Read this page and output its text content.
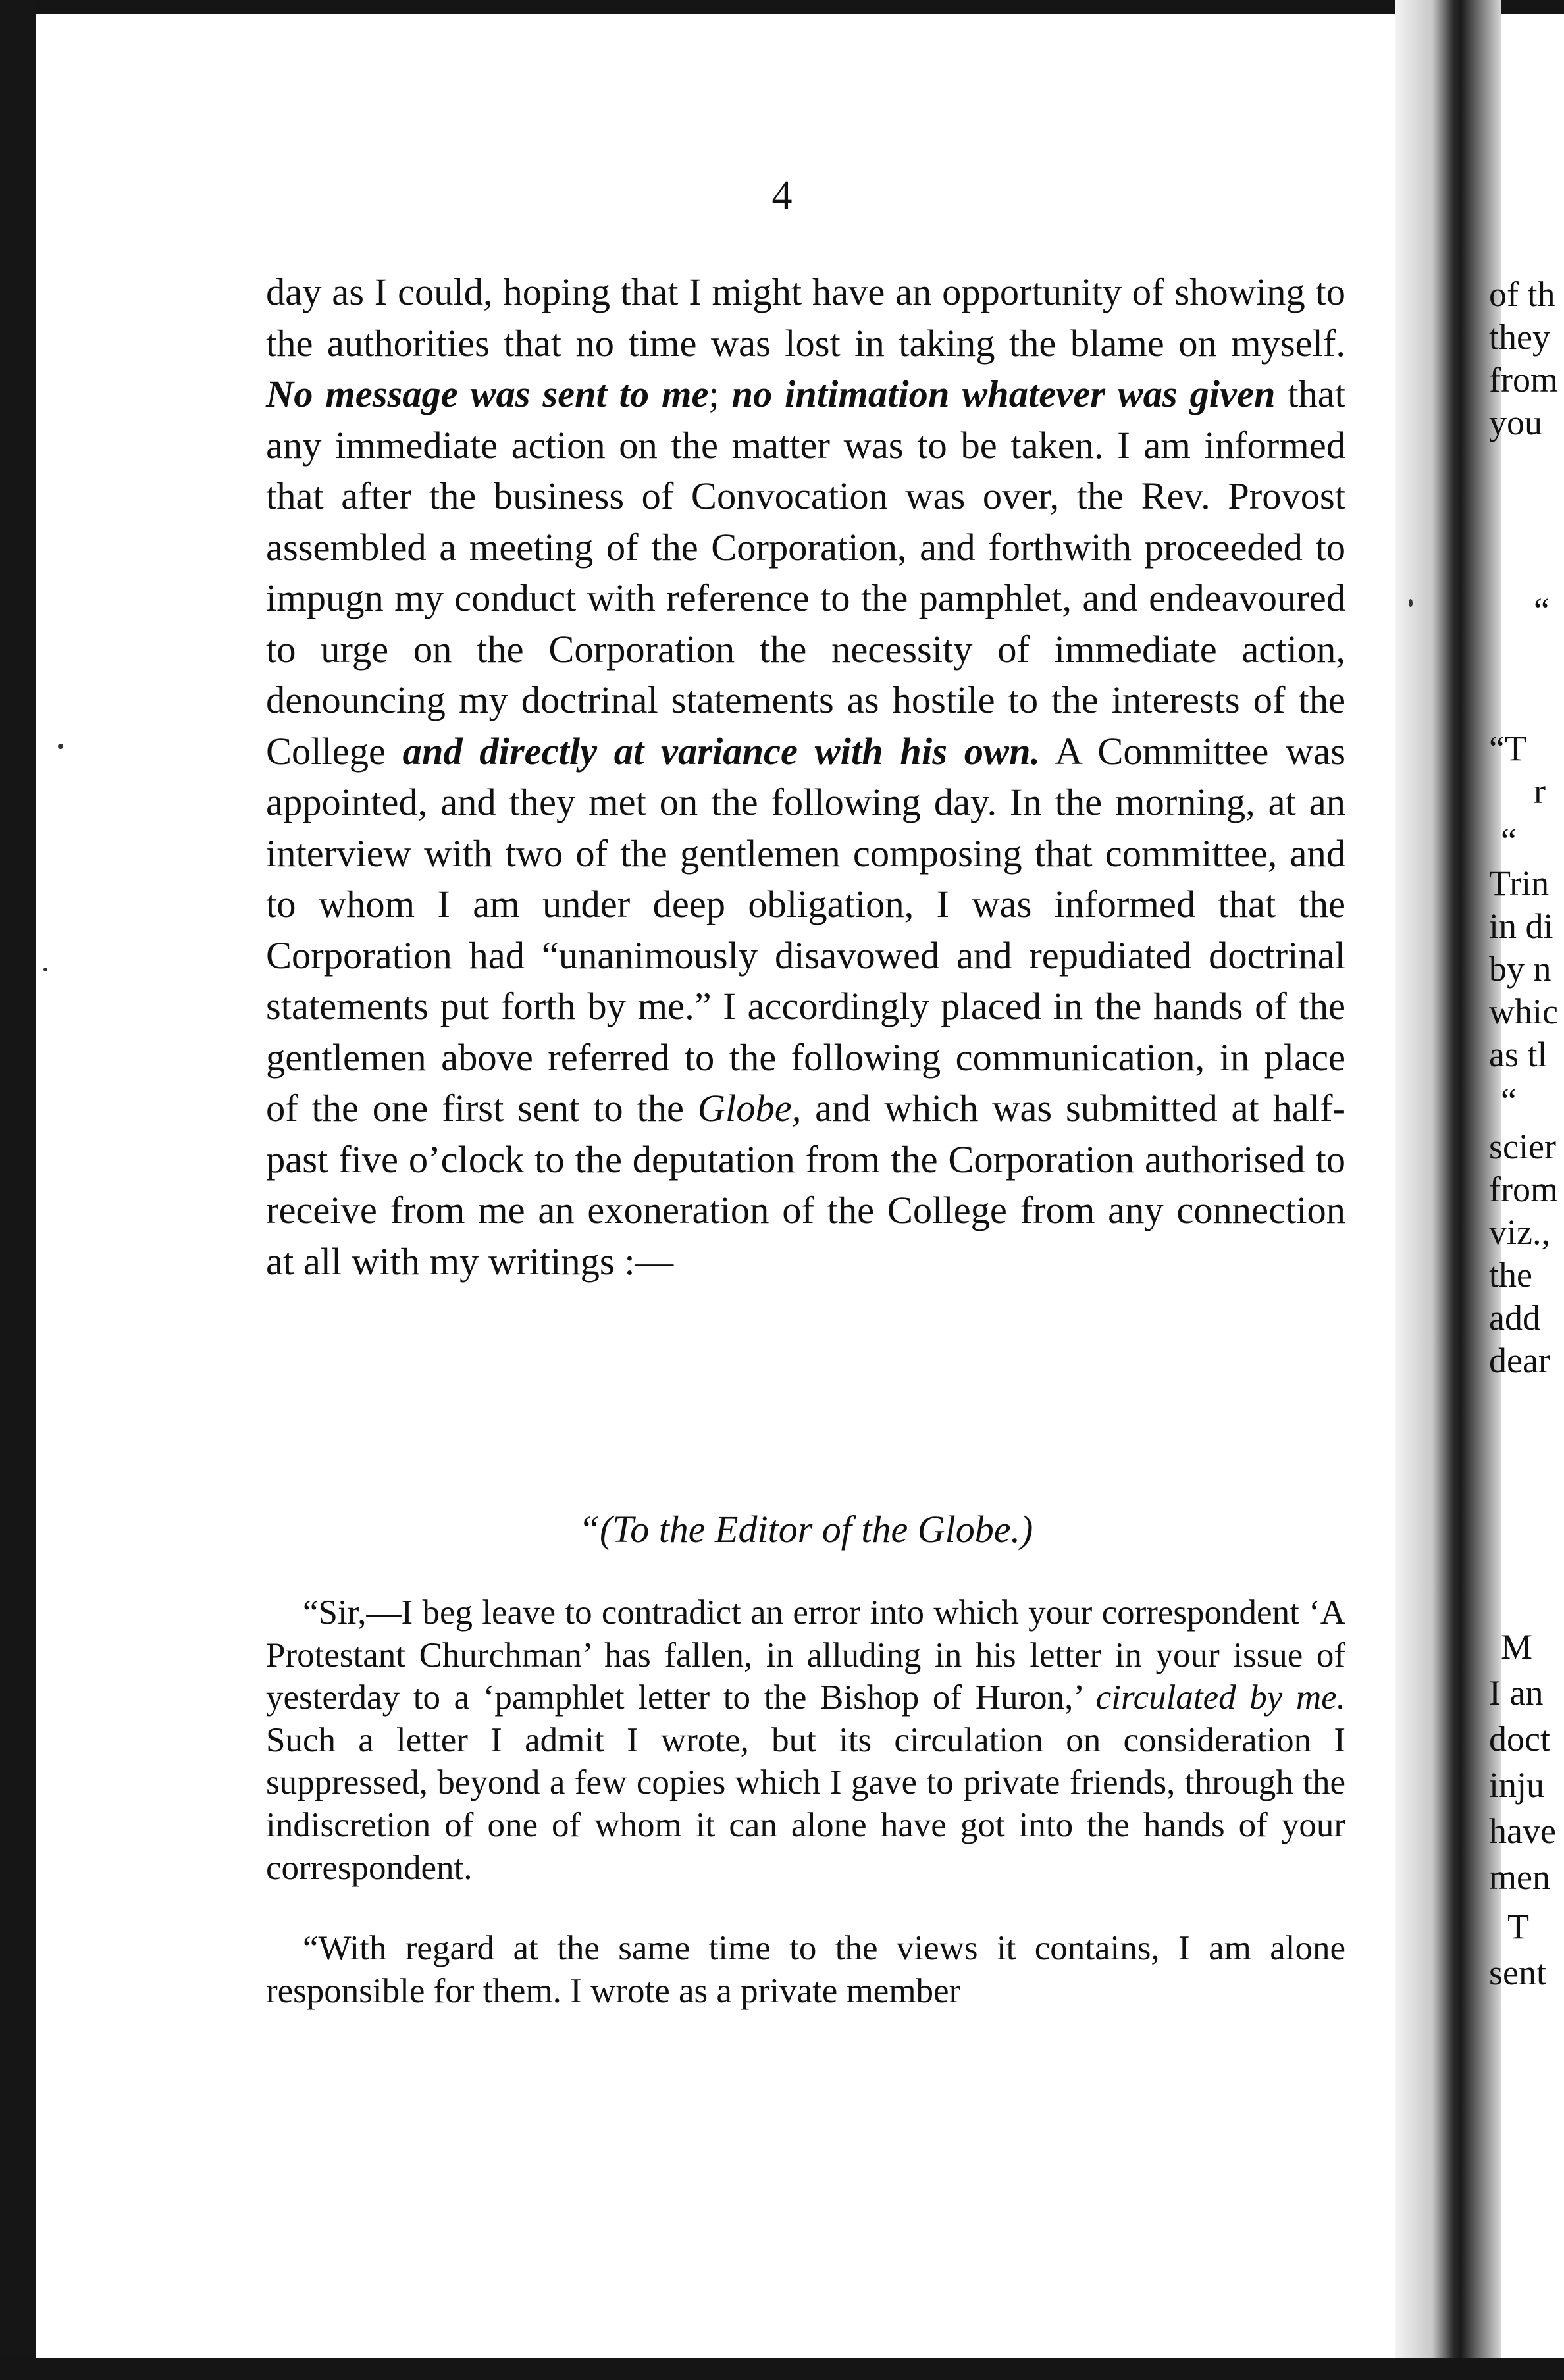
4

day as I could, hoping that I might have an opportunity of showing to the authorities that no time was lost in taking the blame on myself. No message was sent to me; no intimation whatever was given that any immediate action on the matter was to be taken. I am informed that after the business of Convocation was over, the Rev. Provost assembled a meeting of the Corporation, and forthwith proceeded to impugn my conduct with reference to the pamphlet, and endeavoured to urge on the Corporation the necessity of immediate action, denouncing my doctrinal statements as hostile to the interests of the College and directly at variance with his own. A Committee was appointed, and they met on the following day. In the morning, at an interview with two of the gentlemen composing that committee, and to whom I am under deep obligation, I was informed that the Corporation had “unanimously disavowed and repudiated doctrinal statements put forth by me.” I accordingly placed in the hands of the gentlemen above referred to the following communication, in place of the one first sent to the Globe, and which was submitted at half-past five o’clock to the deputation from the Corporation authorised to receive from me an exoneration of the College from any connection at all with my writings :—

“(To the Editor of the Globe.)

“Sir,—I beg leave to contradict an error into which your correspondent ‘A Protestant Churchman’ has fallen, in alluding in his letter in your issue of yesterday to a ‘pamphlet letter to the Bishop of Huron,’ circulated by me. Such a letter I admit I wrote, but its circulation on consideration I suppressed, beyond a few copies which I gave to private friends, through the indiscretion of one of whom it can alone have got into the hands of your correspondent.

“With regard at the same time to the views it contains, I am alone responsible for them. I wrote as a private member

of th
they
from
you
“
“T
r
“
Trin
in di
by n
whic
as tl
“
scier
from
viz.,
the
add
dear
M
I an
doct
inju
have
men
T
sent
